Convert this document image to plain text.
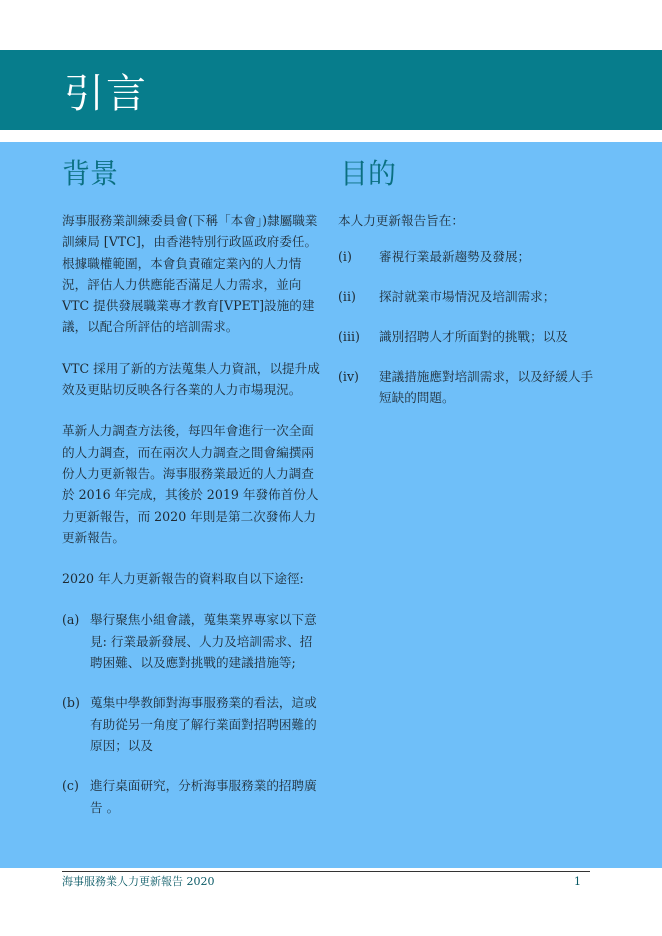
引言
背景	目的

海事服務業訓練委員會(下稱「本會」)隸屬職業訓練局 [VTC]，由香港特別行政區政府委任。根據職權範圍，本會負責確定業內的人力情況，評估人力供應能否滿足人力需求，並向 VTC 提供發展職業專才教育[VPET]設施的建議，以配合所評估的培訓需求。

VTC 採用了新的方法蒐集人力資訊，以提升成效及更貼切反映各行各業的人力市場現況。

革新人力調查方法後，每四年會進行一次全面的人力調查，而在兩次人力調查之間會編撰兩份人力更新報告。海事服務業最近的人力調查於 2016 年完成，其後於 2019 年發佈首份人力更新報告，而 2020 年則是第二次發佈人力更新報告。

2020 年人力更新報告的資料取自以下途徑:

(a) 舉行聚焦小組會議，蒐集業界專家以下意見: 行業最新發展、人力及培訓需求、招聘困難、以及應對挑戰的建議措施等;
(b) 蒐集中學教師對海事服務業的看法，這或有助從另一角度了解行業面對招聘困難的原因；以及
(c) 進行桌面研究，分析海事服務業的招聘廣告 。

本人力更新報告旨在：

(i)	審視行業最新趨勢及發展；
(ii)	探討就業市場情況及培訓需求；
(iii)	識別招聘人才所面對的挑戰；以及
(iv)	建議措施應對培訓需求，以及紓緩人手短缺的問題。
海事服務業人力更新報告 2020	1
